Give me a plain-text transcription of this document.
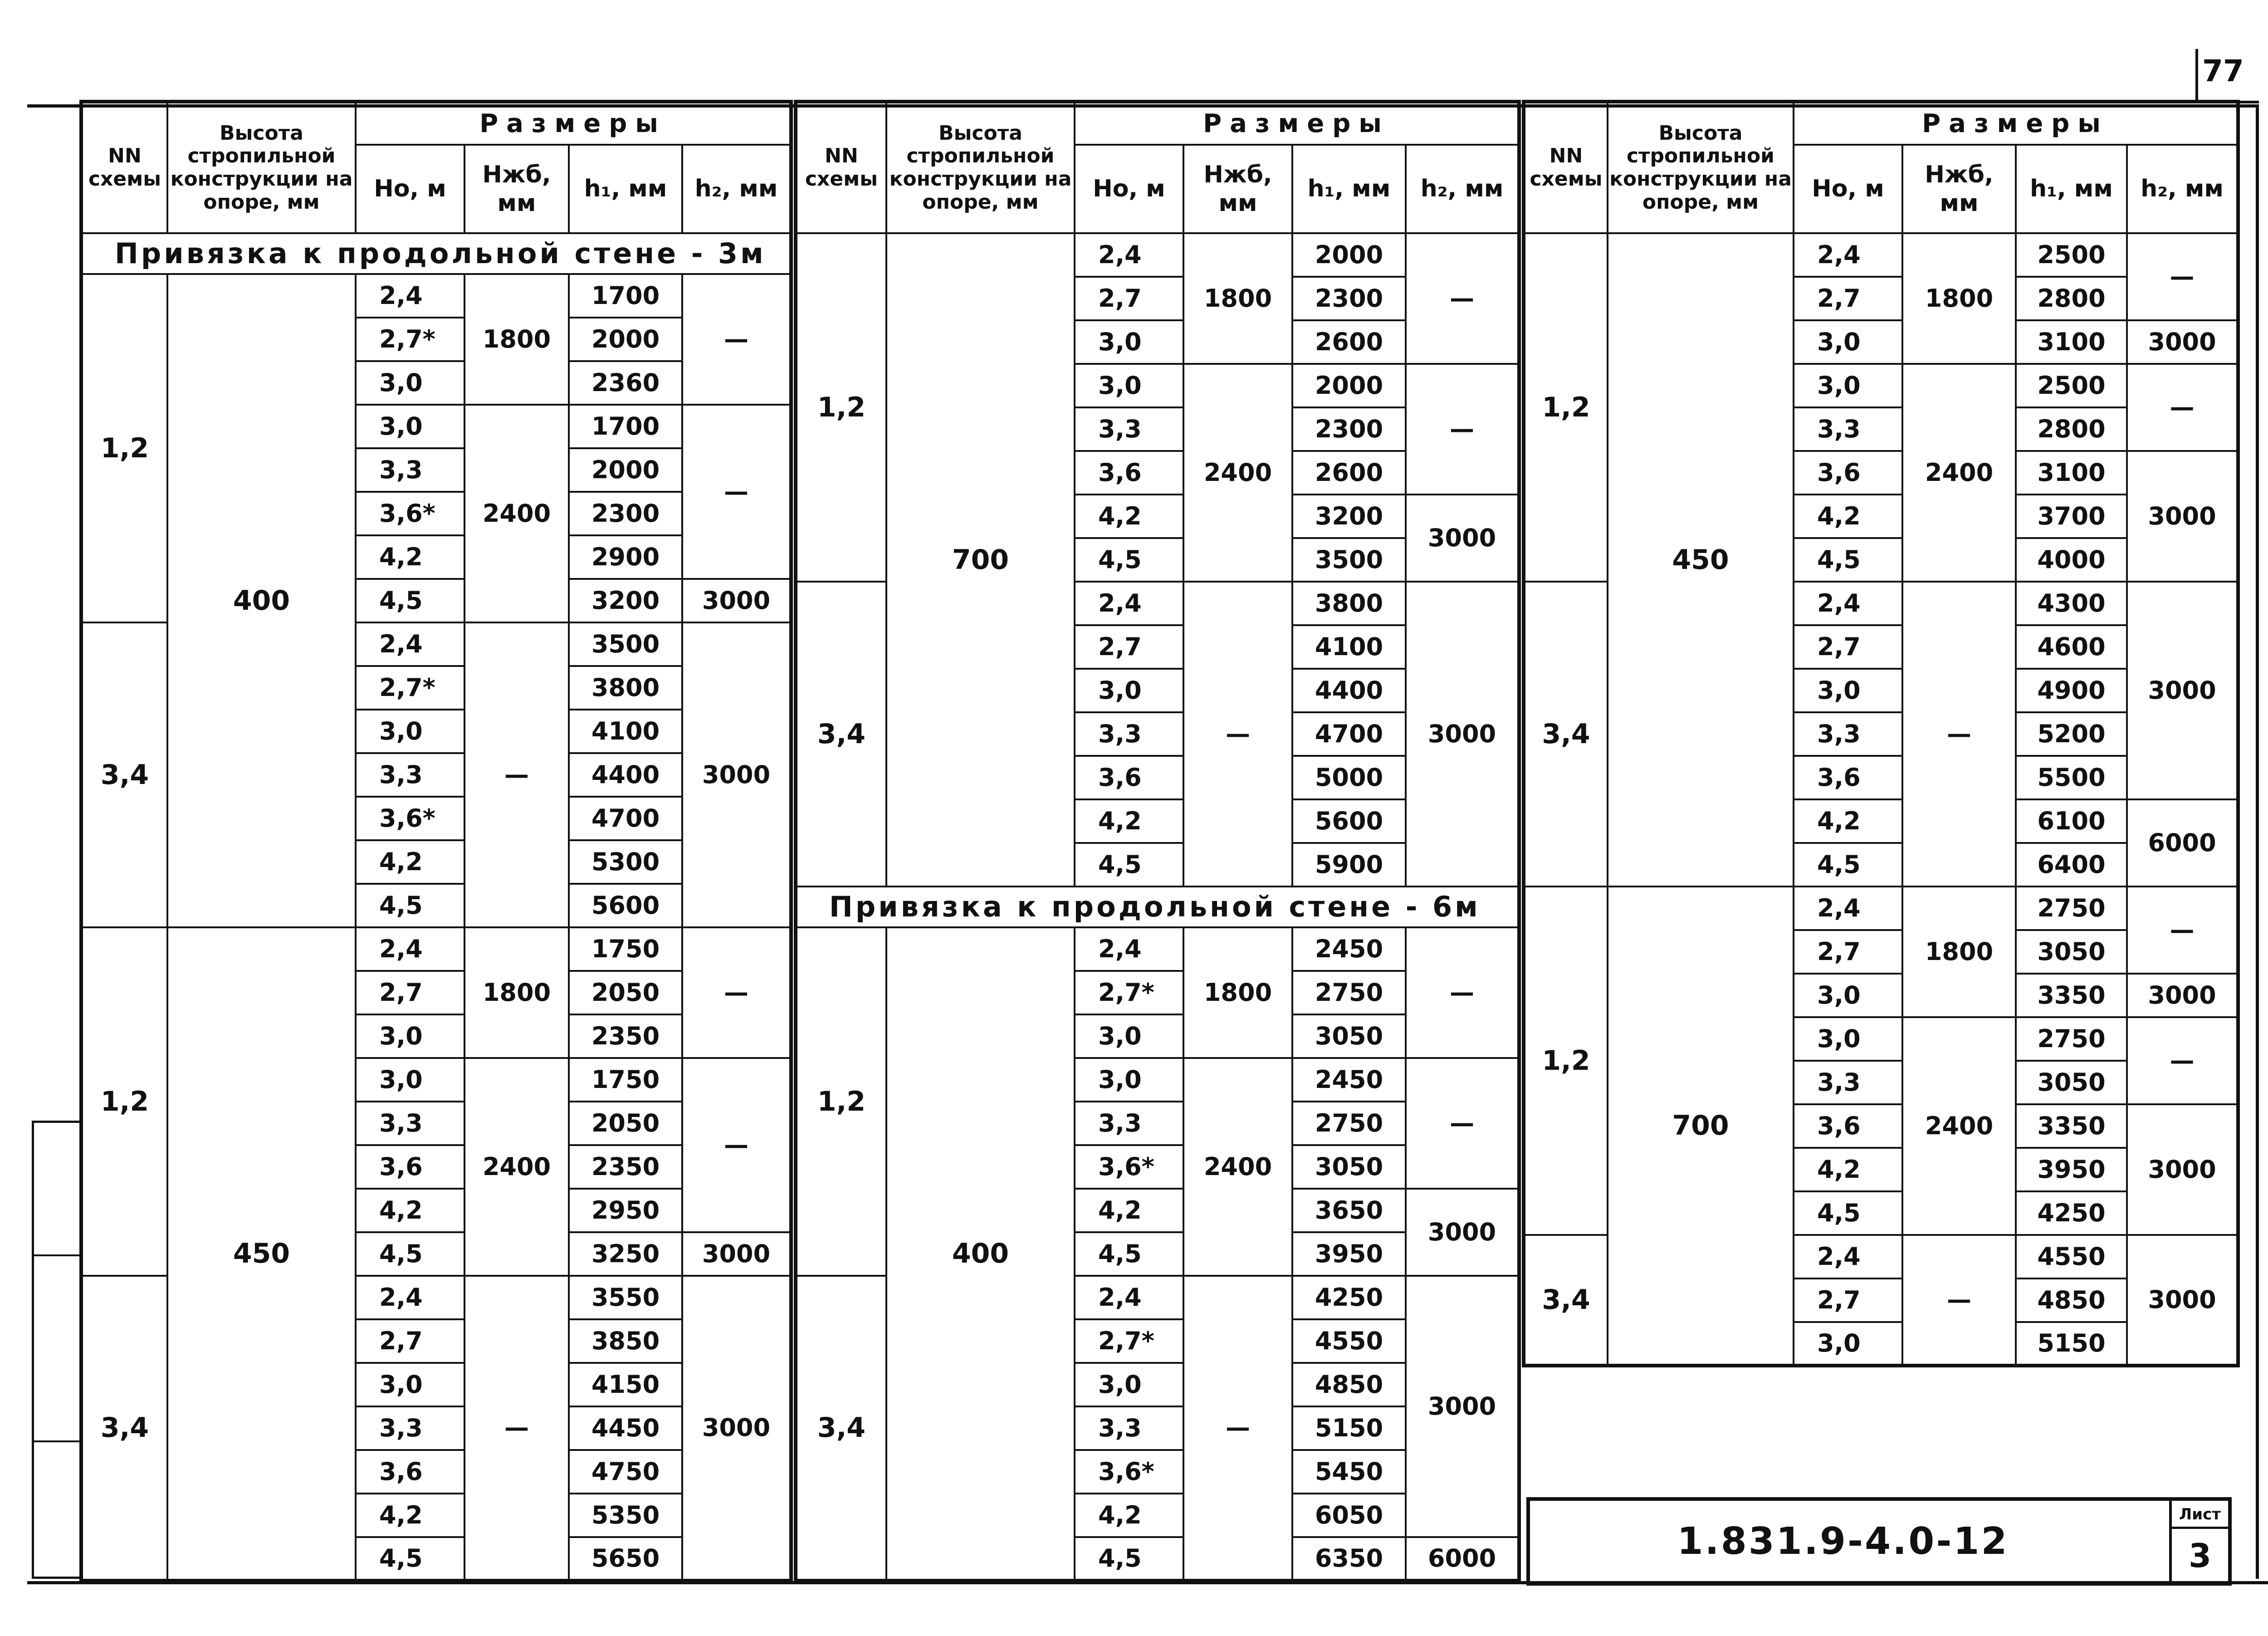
77
NN схемы	Высота стропильной конструкции на опоре, мм	Размеры			
		Hо, м	Hжб, мм	h₁, мм	h₂, мм
Привязка к продольной стене - 3м					
1,2	400	2,4	1800	1700	—
		2,7*		2000	
		3,0		2360	
		3,0	2400	1700	—
		3,3		2000	
		3,6*		2300	
		4,2		2900	
		4,5		3200	3000
3,4		2,4	—	3500	3000
		2,7*		3800	
		3,0		4100	
		3,3		4400	
		3,6*		4700	
		4,2		5300	
		4,5		5600	
1,2	450	2,4	1800	1750	—
		2,7		2050	
		3,0		2350	
		3,0	2400	1750	—
		3,3		2050	
		3,6		2350	
		4,2		2950	
		4,5		3250	3000
3,4		2,4	—	3550	3000
		2,7		3850	
		3,0		4150	
		3,3		4450	
		3,6		4750	
		4,2		5350	
		4,5		5650	
NN схемы	Высота стропильной конструкции на опоре, мм	Размеры			
		Hо, м	Hжб, мм	h₁, мм	h₂, мм
1,2	700	2,4	1800	2000	—
		2,7		2300	
		3,0		2600	
		3,0	2400	2000	—
		3,3		2300	
		3,6		2600	
		4,2		3200	3000
		4,5		3500	
3,4		2,4	—	3800	3000
		2,7		4100	
		3,0		4400	
		3,3		4700	
		3,6		5000	
		4,2		5600	
		4,5		5900	
Привязка к продольной стене - 6м					
1,2	400	2,4	1800	2450	—
		2,7*		2750	
		3,0		3050	
		3,0	2400	2450	—
		3,3		2750	
		3,6*		3050	
		4,2		3650	3000
		4,5		3950	
3,4		2,4	—	4250	3000
		2,7*		4550	
		3,0		4850	
		3,3		5150	
		3,6*		5450	
		4,2		6050	
		4,5		6350	6000
NN схемы	Высота стропильной конструкции на опоре, мм	Размеры			
		Hо, м	Hжб, мм	h₁, мм	h₂, мм
1,2	450	2,4	1800	2500	—
		2,7		2800	
		3,0		3100	3000
		3,0	2400	2500	—
		3,3		2800	
		3,6		3100	3000
		4,2		3700	
		4,5		4000	
3,4		2,4	—	4300	3000
		2,7		4600	
		3,0		4900	
		3,3		5200	
		3,6		5500	
		4,2		6100	6000
		4,5		6400	
1,2	700	2,4	1800	2750	—
		2,7		3050	
		3,0		3350	3000
		3,0	2400	2750	—
		3,3		3050	
		3,6		3350	3000
		4,2		3950	
		4,5		4250	
3,4		2,4	—	4550	3000
		2,7		4850	
		3,0		5150	
1.831.9-4.0-12
Лист
3
